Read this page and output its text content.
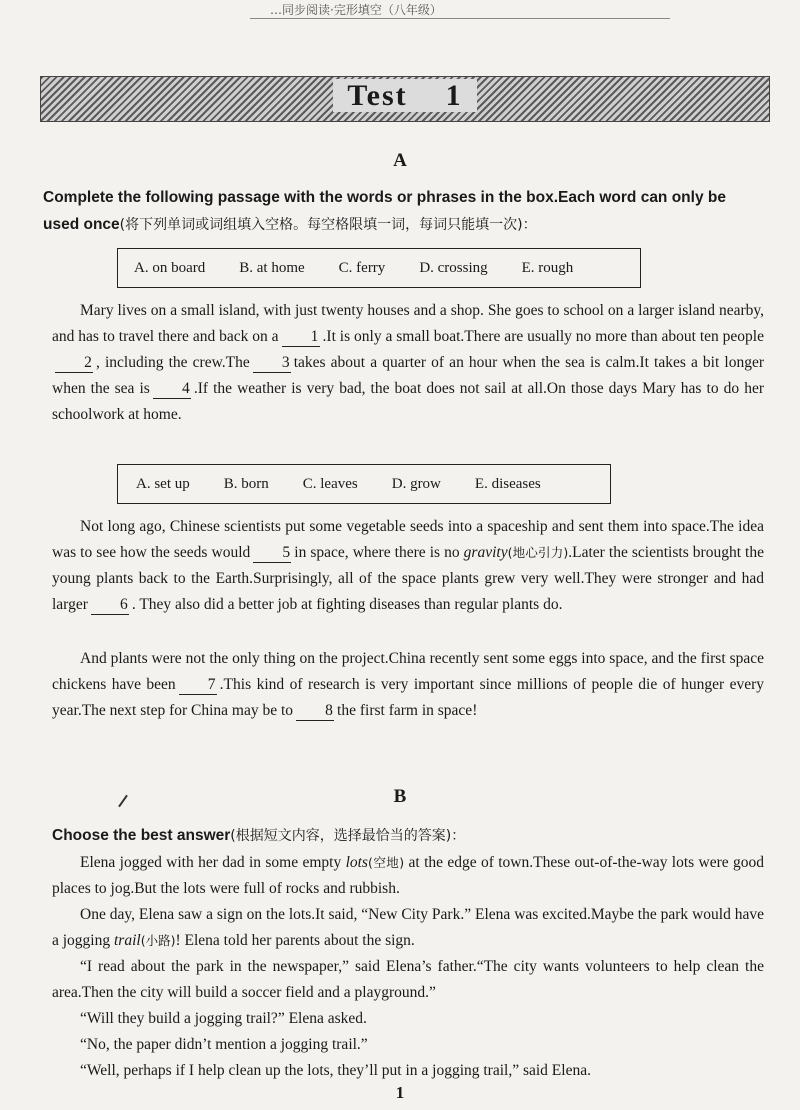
…同步阅读·完形填空（八年级）
Test    1
A
Complete the following passage with the words or phrases in the box.Each word can only be used once(将下列单词或词组填入空格。每空格限填一词，每词只能填一次)：
A. on board B. at home C. ferry D. crossing E. rough

Mary lives on a small island, with just twenty houses and a shop. She goes to school on a larger island nearby, and has to travel there and back on a 1 .It is only a small boat.There are usually no more than about ten people2 , including the crew.The 3 takes about a quarter of an hour when the sea is calm.It takes a bit longer when the sea is 4 .If the weather is very bad, the boat does not sail at all.On those days Mary has to do her schoolwork at home.

A. set up B. born C. leaves D. grow E. diseases

Not long ago, Chinese scientists put some vegetable seeds into a spaceship and sent them into space.The idea was to see how the seeds would 5 in space, where there is no gravity(地心引力).Later the scientists brought the young plants back to the Earth.Surprisingly, all of the space plants grew very well.They were stronger and had larger 6 . They also did a better job at fighting diseases than regular plants do.

And plants were not the only thing on the project.China recently sent some eggs into space, and the first space chickens have been 7 .This kind of research is very important since millions of people die of hunger every year.The next step for China may be to 8 the first farm in space!

B
Choose the best answer(根据短文内容，选择最恰当的答案)：

Elena jogged with her dad in some empty lots(空地) at the edge of town.These out-of-the-way lots were good places to jog.But the lots were full of rocks and rubbish.

One day, Elena saw a sign on the lots.It said, “New City Park.” Elena was excited.Maybe the park would have a jogging trail(小路)! Elena told her parents about the sign.

“I read about the park in the newspaper,” said Elena’s father.“The city wants volunteers to help clean the area.Then the city will build a soccer field and a playground.”

“Will they build a jogging trail?” Elena asked.

“No, the paper didn’t mention a jogging trail.”

“Well, perhaps if I help clean up the lots, they’ll put in a jogging trail,” said Elena.

1
